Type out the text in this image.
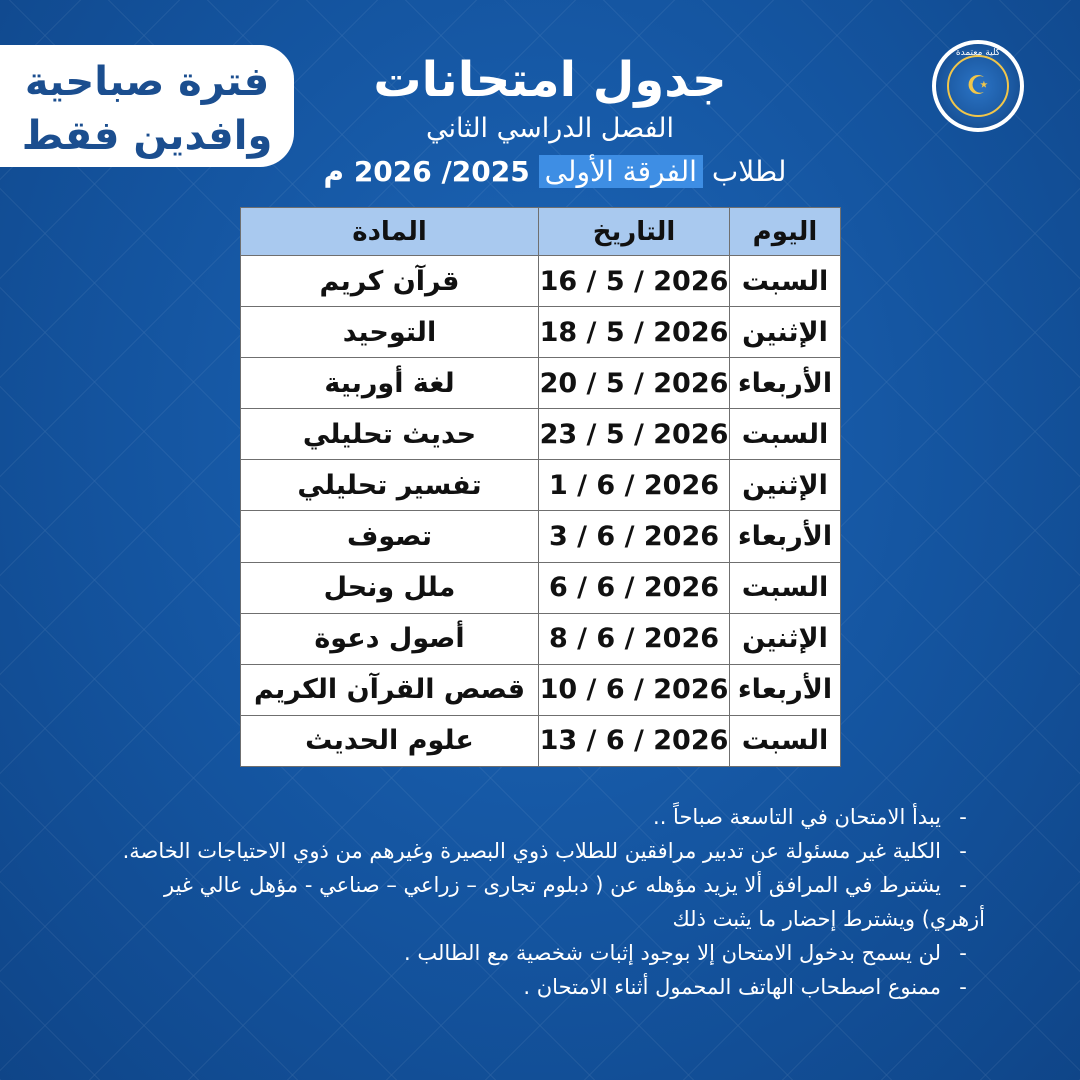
فترة صباحية
وافدين فقط
كلية معتمدة
☪
جدول امتحانات
الفصل الدراسي الثاني
لطلاب الفرقة الأولى 2025/ 2026 م
اليوم	التاريخ	المادة
السبت	16 / 5 / 2026	قرآن كريم
الإثنين	18 / 5 / 2026	التوحيد
الأربعاء	20 / 5 / 2026	لغة أوربية
السبت	23 / 5 / 2026	حديث تحليلي
الإثنين	1 / 6 / 2026	تفسير تحليلي
الأربعاء	3 / 6 / 2026	تصوف
السبت	6 / 6 / 2026	ملل ونحل
الإثنين	8 / 6 / 2026	أصول دعوة
الأربعاء	10 / 6 / 2026	قصص القرآن الكريم
السبت	13 / 6 / 2026	علوم الحديث
-يبدأ الامتحان في التاسعة صباحاً ..
-الكلية غير مسئولة عن تدبير مرافقين للطلاب ذوي البصيرة وغيرهم من ذوي الاحتياجات الخاصة.
-يشترط في المرافق ألا يزيد مؤهله عن ( دبلوم تجارى – زراعي – صناعي - مؤهل عالي غير أزهري) ويشترط إحضار ما يثبت ذلك
-لن يسمح بدخول الامتحان إلا بوجود إثبات شخصية مع الطالب .
-ممنوع اصطحاب الهاتف المحمول أثناء الامتحان .
